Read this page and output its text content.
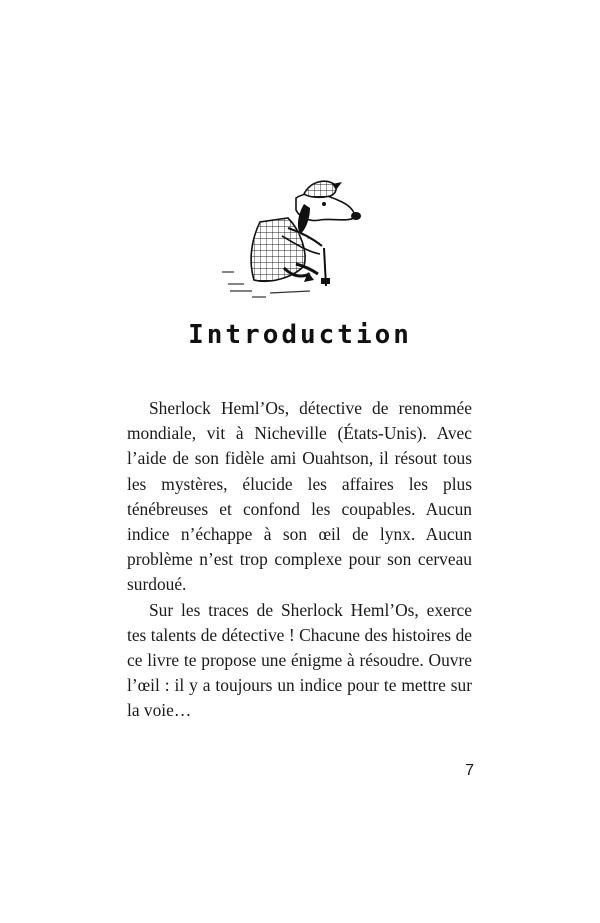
Introduction

Sherlock Heml’Os, détective de renommée mondiale, vit à Nicheville (États-Unis). Avec l’aide de son fidèle ami Ouahtson, il résout tous les mystères, élucide les affaires les plus ténébreuses et confond les coupables. Aucun indice n’échappe à son œil de lynx. Aucun problème n’est trop complexe pour son cerveau surdoué.

Sur les traces de Sherlock Heml’Os, exerce tes talents de détective ! Chacune des histoires de ce livre te propose une énigme à résoudre. Ouvre l’œil : il y a toujours un indice pour te mettre sur la voie…

7
